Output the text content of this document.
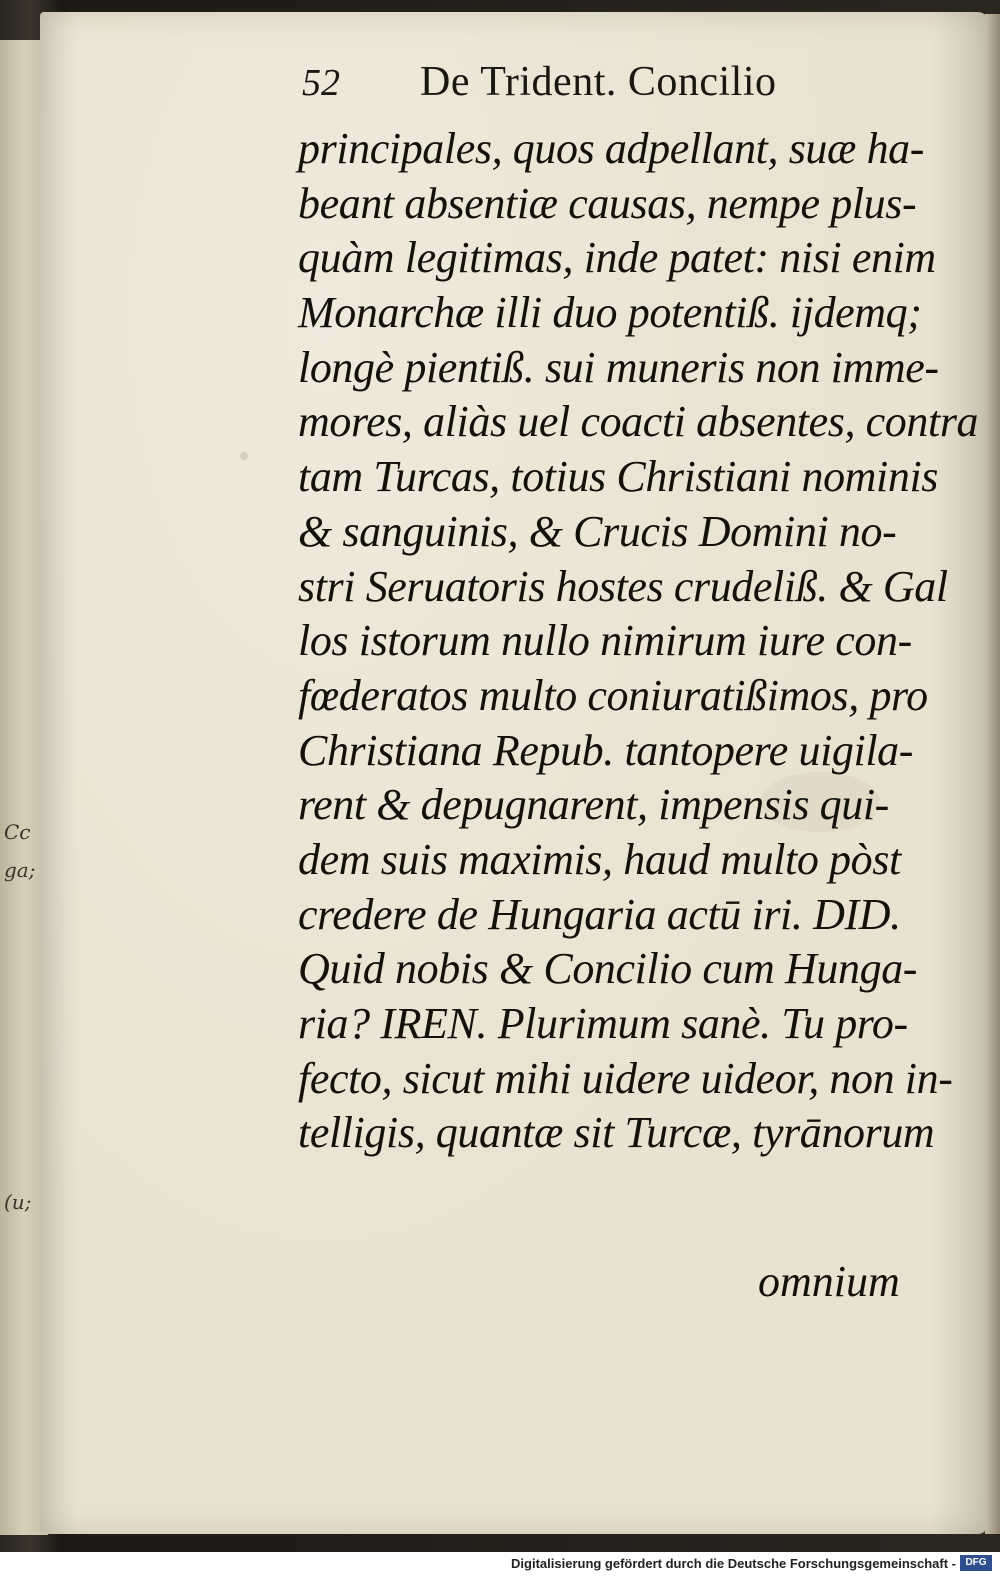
Cc
ga;
(u;
52	De Trident. Concilio
principales, quos adpellant, suæ ha-
beant absentiæ causas, nempe plus-
quàm legitimas, inde patet: nisi enim
Monarchæ illi duo potentiß. ijdemq;
longè pientiß. sui muneris non imme-
mores, aliàs uel coacti absentes, contra
tam Turcas, totius Christiani nominis
& sanguinis, & Crucis Domini no-
stri Seruatoris hostes crudeliß. & Gal
los istorum nullo nimirum iure con-
fœderatos multo coniuratißimos, pro
Christiana Repub. tantopere uigila-
rent & depugnarent, impensis qui-
dem suis maximis, haud multo pòst
credere de Hungaria actū iri. DID.
Quid nobis & Concilio cum Hunga-
ria? IREN. Plurimum sanè. Tu pro-
fecto, sicut mihi uidere uideor, non in-
telligis, quantæ sit Turcæ, tyrānorum
omnium
Digitalisierung gefördert durch die Deutsche Forschungsgemeinschaft - DFG
